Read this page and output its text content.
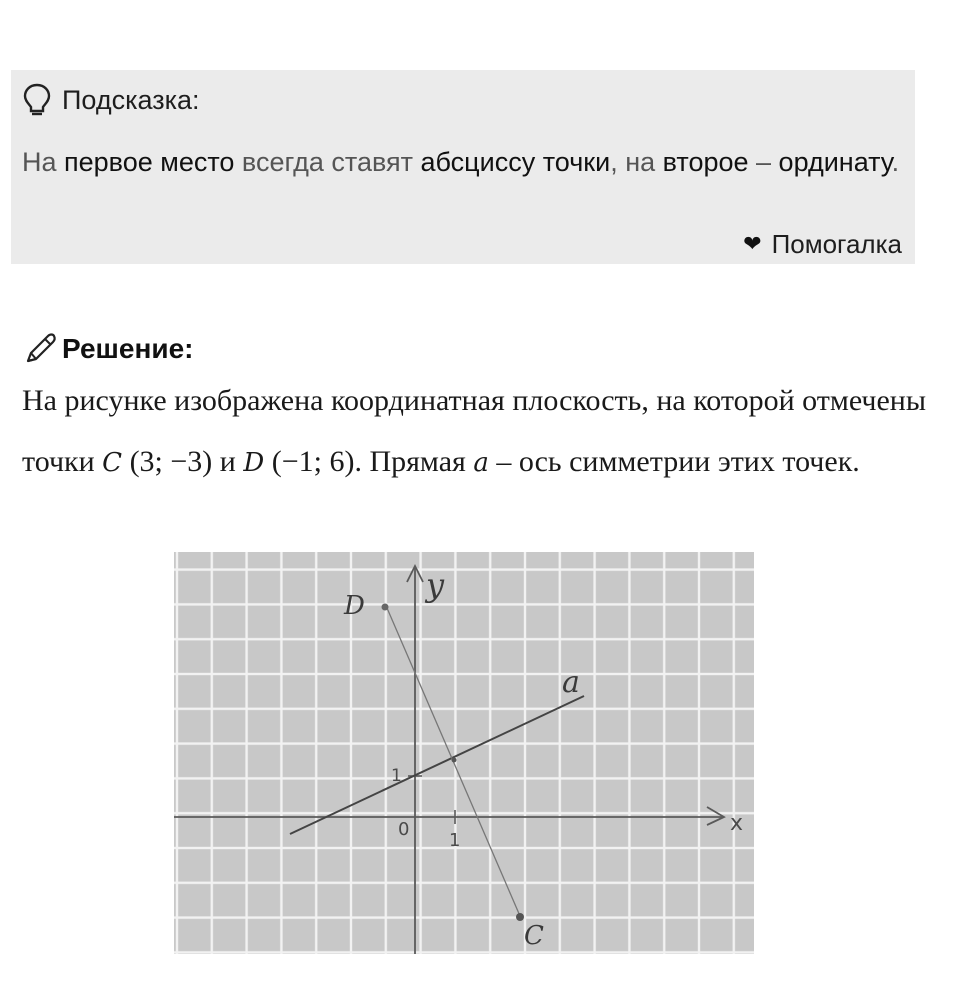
Подсказка:
На первое место всегда ставят абсциссу точки, на второе – ординату.
❤ Помогалка
Решение:
На рисунке изображена координатная плоскость, на которой отмечены точки C (3; −3) и D (−1; 6). Прямая a – ось симметрии этих точек.
y
x
a
D
C
0
1
1
